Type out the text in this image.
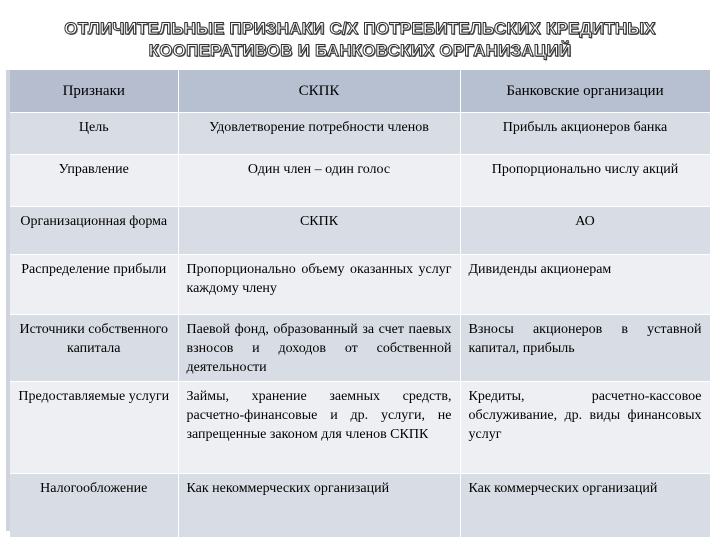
ОТЛИЧИТЕЛЬНЫЕ ПРИЗНАКИ С/Х ПОТРЕБИТЕЛЬСКИХ КРЕДИТНЫХ
КООПЕРАТИВОВ И БАНКОВСКИХ ОРГАНИЗАЦИЙ
Признаки	СКПК	Банковские организации
Цель	Удовлетворение потребности членов	Прибыль акционеров банка
Управление	Один член – один голос	Пропорционально числу акций
Организационная форма	СКПК	АО
Распределение прибыли	Пропорционально объему оказанных услуг каждому члену	Дивиденды акционерам
Источники собственного капитала	Паевой фонд, образованный за счет паевых взносов и доходов от собственной деятельности	Взносы акционеров в уставной капитал, прибыль
Предоставляемые услуги	Займы, хранение заемных средств, расчетно-финансовые и др. услуги, не запрещенные законом для членов СКПК	Кредиты, расчетно-кассовое обслуживание, др. виды финансовых услуг
Налогообложение	Как некоммерческих организаций	Как коммерческих организаций
